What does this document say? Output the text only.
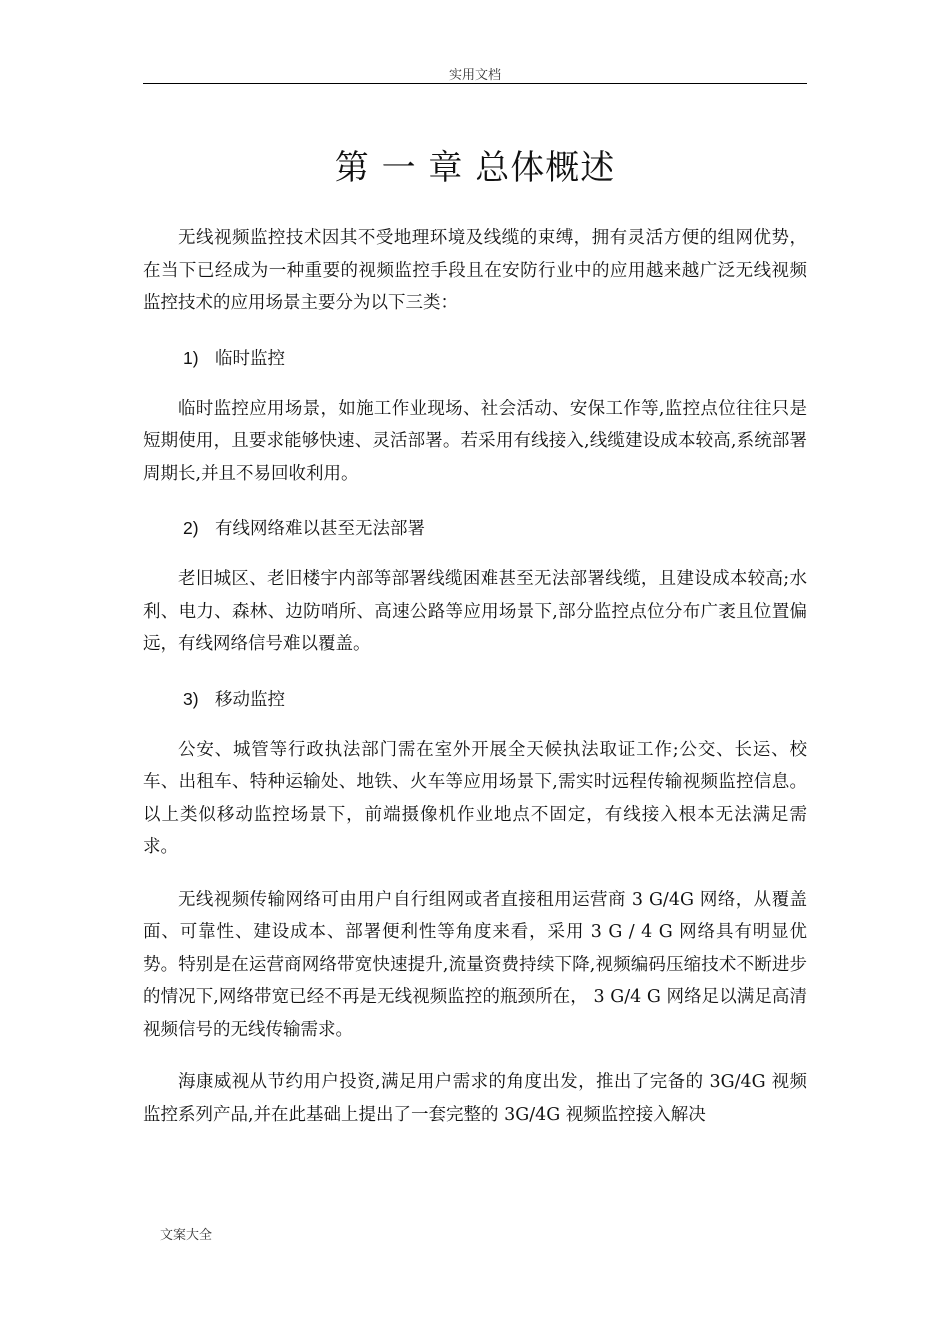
实用文档
第 一 章 总体概述

无线视频监控技术因其不受地理环境及线缆的束缚，拥有灵活方便的组网优势，在当下已经成为一种重要的视频监控手段且在安防行业中的应用越来越广泛无线视频监控技术的应用场景主要分为以下三类：

1) 临时监控

临时监控应用场景，如施工作业现场、社会活动、安保工作等,监控点位往往只是短期使用，且要求能够快速、灵活部署。若采用有线接入,线缆建设成本较高,系统部署周期长,并且不易回收利用。

2) 有线网络难以甚至无法部署

老旧城区、老旧楼宇内部等部署线缆困难甚至无法部署线缆，且建设成本较高;水利、电力、森林、边防哨所、高速公路等应用场景下,部分监控点位分布广袤且位置偏远，有线网络信号难以覆盖。

3) 移动监控

公安、城管等行政执法部门需在室外开展全天候执法取证工作;公交、长运、校车、出租车、特种运输处、地铁、火车等应用场景下,需实时远程传输视频监控信息。以上类似移动监控场景下，前端摄像机作业地点不固定，有线接入根本无法满足需求。

无线视频传输网络可由用户自行组网或者直接租用运营商 3 G/4G 网络，从覆盖面、可靠性、建设成本、部署便利性等角度来看，采用 3 G / 4 G 网络具有明显优势。特别是在运营商网络带宽快速提升,流量资费持续下降,视频编码压缩技术不断进步的情况下,网络带宽已经不再是无线视频监控的瓶颈所在， 3 G/4 G 网络足以满足高清视频信号的无线传输需求。

海康威视从节约用户投资,满足用户需求的角度出发，推出了完备的 3G/4G 视频监控系列产品,并在此基础上提出了一套完整的 3G/4G 视频监控接入解决

文案大全
